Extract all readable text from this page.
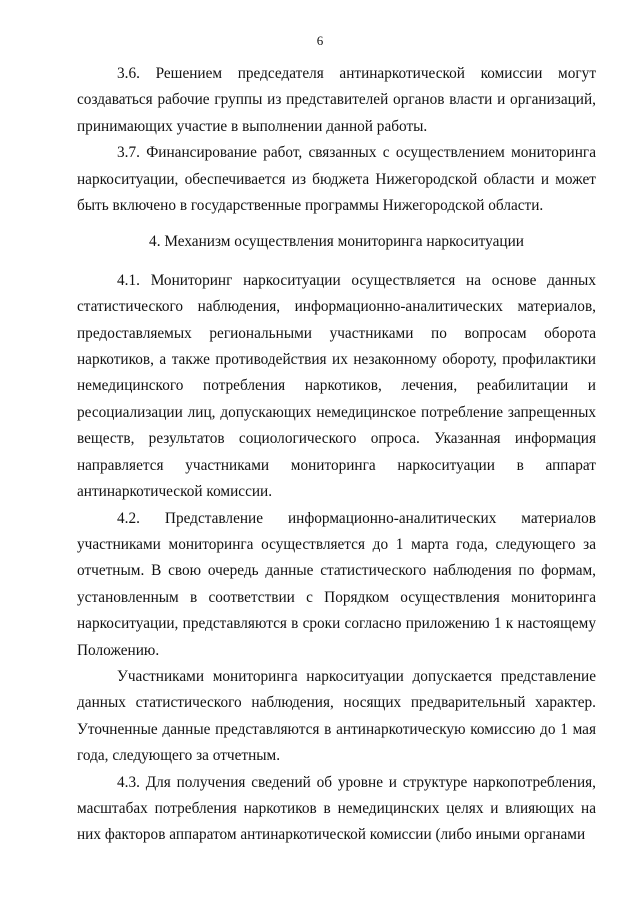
6

3.6. Решением председателя антинаркотической комиссии могут создаваться рабочие группы из представителей органов власти и организаций, принимающих участие в выполнении данной работы.

3.7. Финансирование работ, связанных с осуществлением мониторинга наркоситуации, обеспечивается из бюджета Нижегородской области и может быть включено в государственные программы Нижегородской области.

4. Механизм осуществления мониторинга наркоситуации

4.1. Мониторинг наркоситуации осуществляется на основе данных статистического наблюдения, информационно-аналитических материалов, предоставляемых региональными участниками по вопросам оборота наркотиков, а также противодействия их незаконному обороту, профилактики немедицинского потребления наркотиков, лечения, реабилитации и ресоциализации лиц, допускающих немедицинское потребление запрещенных веществ, результатов социологического опроса. Указанная информация направляется участниками мониторинга наркоситуации в аппарат антинаркотической комиссии.

4.2. Представление информационно-аналитических материалов участниками мониторинга осуществляется до 1 марта года, следующего за отчетным. В свою очередь данные статистического наблюдения по формам, установленным в соответствии с Порядком осуществления мониторинга наркоситуации, представляются в сроки согласно приложению 1 к настоящему Положению.

Участниками мониторинга наркоситуации допускается представление данных статистического наблюдения, носящих предварительный характер. Уточненные данные представляются в антинаркотическую комиссию до 1 мая года, следующего за отчетным.

4.3. Для получения сведений об уровне и структуре наркопотребления, масштабах потребления наркотиков в немедицинских целях и влияющих на них факторов аппаратом антинаркотической комиссии (либо иными органами
